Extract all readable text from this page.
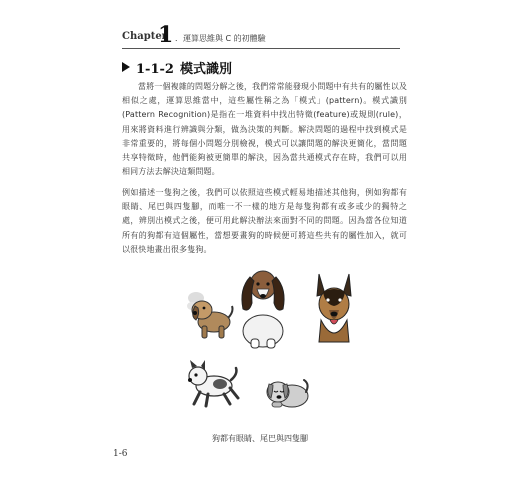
Chapter
1 ．運算思維與 C 的初體驗
1-1-2 模式識別

當將一個複雜的問題分解之後，我們常常能發現小問題中有共有的屬性以及相似之處，運算思維當中，這些屬性稱之為「模式」(pattern)。模式識別(Pattern Recognition)是指在一堆資料中找出特徵(feature)或規則(rule)，用來將資料進行辨識與分類，做為決策的判斷。解決問題的過程中找到模式是非常重要的，將每個小問題分別檢視，模式可以讓問題的解決更簡化，當問題共享特徵時，他們能夠被更簡單的解決，因為當共通模式存在時，我們可以用相同方法去解決這類問題。

例如描述一隻狗之後，我們可以依照這些模式輕易地描述其他狗，例如狗都有眼睛、尾巴與四隻腳，而唯一不一樣的地方是每隻狗都有或多或少的獨特之處，辨別出模式之後，便可用此解決辦法來面對不同的問題。因為當各位知道所有的狗都有這個屬性，當想要畫狗的時候便可將這些共有的屬性加入，就可以很快地畫出很多隻狗。

狗都有眼睛、尾巴與四隻腳
1-6
